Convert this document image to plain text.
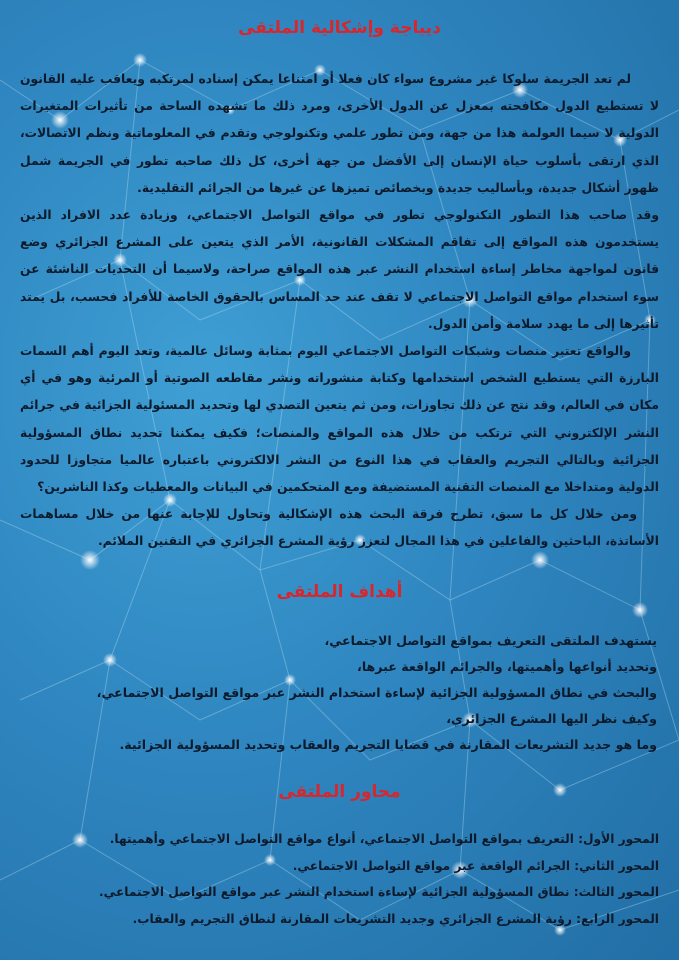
ديباجة وإشكالية الملتقى

لم تعد الجريمة سلوكا غير مشروع سواء كان فعلا أو امتناعا يمكن إسناده لمرتكبه ويعاقب عليه القانون لا تستطيع الدول مكافحته بمعزل عن الدول الأخرى، ومرد ذلك ما تشهده الساحة من تأثيرات المتغيرات الدولية لا سيما العولمة هذا من جهة، ومن تطور علمي وتكنولوجي وتقدم في المعلوماتية ونظم الاتصالات، الذي ارتقى بأسلوب حياة الإنسان إلى الأفضل من جهة أخرى، كل ذلك صاحبه تطور في الجريمة شمل ظهور أشكال جديدة، وبأساليب جديدة وبخصائص تميزها عن غيرها من الجرائم التقليدية.

وقد صاحب هذا التطور التكنولوجي تطور في مواقع التواصل الاجتماعي، وزيادة عدد الافراد الذين يستخدمون هذه المواقع إلى تفاقم المشكلات القانونية، الأمر الذي يتعين على المشرع الجزائري وضع قانون لمواجهة مخاطر إساءة استخدام النشر عبر هذه المواقع صراحة، ولاسيما أن التحديات الناشئة عن سوء استخدام مواقع التواصل الاجتماعي لا تقف عند حد المساس بالحقوق الخاصة للأفراد فحسب، بل يمتد تأثيرها إلى ما يهدد سلامة وأمن الدول.

والواقع تعتبر منصات وشبكات التواصل الاجتماعي اليوم بمثابة وسائل عالمية، وتعد اليوم أهم السمات البارزة التي يستطيع الشخص استخدامها وكتابة منشوراته ونشر مقاطعه الصوتية أو المرئية وهو في أي مكان في العالم، وقد نتج عن ذلك تجاوزات، ومن ثم يتعين التصدي لها وتحديد المسئولية الجزائية في جرائم النشر الإلكتروني التي ترتكب من خلال هذه المواقع والمنصات؛ فكيف يمكننا تحديد نطاق المسؤولية الجزائية وبالتالي التجريم والعقاب في هذا النوع من النشر الالكتروني باعتباره عالميا متجاوزا للحدود الدولية ومتداخلا مع المنصات التقنية المستضيفة ومع المتحكمين في البيانات والمعطيات وكذا الناشرين؟

ومن خلال كل ما سبق، تطرح فرقة البحث هذه الإشكالية وتحاول للإجابة عنها من خلال مساهمات الأساتذة، الباحثين والفاعلين في هذا المجال لتعزز رؤية المشرع الجزائري في التقنين الملائم.

أهداف الملتقى
يستهدف الملتقى التعريف بمواقع التواصل الاجتماعي،
وتحديد أنواعها وأهميتها، والجرائم الواقعة عبرها،
والبحث في نطاق المسؤولية الجزائية لإساءة استخدام النشر عبر مواقع التواصل الاجتماعي،
وكيف نظر اليها المشرع الجزائري،
وما هو جديد التشريعات المقارنة في قضايا التجريم والعقاب وتحديد المسؤولية الجزائية.
محاور الملتقى
المحور الأول: التعريف بمواقع التواصل الاجتماعي، أنواع مواقع التواصل الاجتماعي وأهميتها.
المحور الثاني: الجرائم الواقعة عبر مواقع التواصل الاجتماعي.
المحور الثالث: نطاق المسؤولية الجزائية لإساءة استخدام النشر عبر مواقع التواصل الاجتماعي.
المحور الرابع: رؤية المشرع الجزائري وجديد التشريعات المقارنة لنطاق التجريم والعقاب.
